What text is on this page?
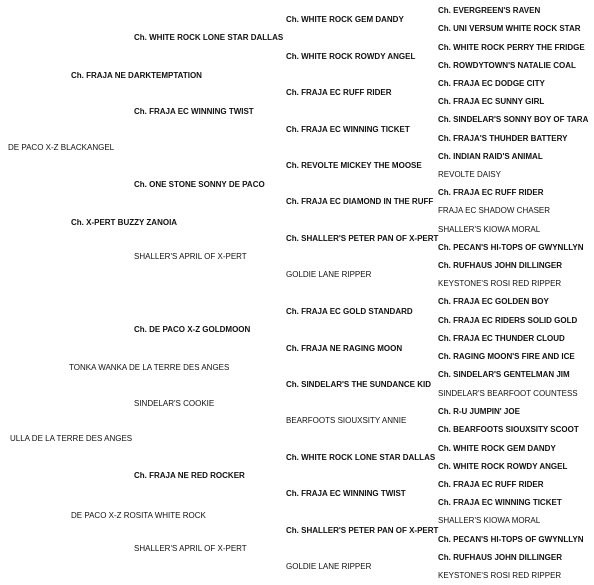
DE PACO X-Z BLACKANGEL
Ch. FRAJA NE DARKTEMPTATION
ULLA DE LA TERRE DES ANGES
Ch. X-PERT BUZZY ZANOIA
TONKA WANKA DE LA TERRE DES ANGES
DE PACO X-Z ROSITA WHITE ROCK
Ch. WHITE ROCK LONE STAR DALLAS
Ch. FRAJA EC WINNING TWIST
Ch. ONE STONE SONNY DE PACO
SHALLER'S APRIL OF X-PERT
Ch. DE PACO X-Z GOLDMOON
SINDELAR'S COOKIE
Ch. FRAJA NE RED ROCKER
SHALLER'S APRIL OF X-PERT
Ch. WHITE ROCK GEM DANDY
Ch. WHITE ROCK ROWDY ANGEL
Ch. FRAJA EC RUFF RIDER
Ch. FRAJA EC WINNING TICKET
Ch. REVOLTE MICKEY THE MOOSE
Ch. FRAJA EC DIAMOND IN THE RUFF
Ch. SHALLER'S PETER PAN OF X-PERT
GOLDIE LANE RIPPER
Ch. FRAJA EC GOLD STANDARD
Ch. FRAJA NE RAGING MOON
Ch. SINDELAR'S THE SUNDANCE KID
BEARFOOTS SIOUXSITY ANNIE
Ch. WHITE ROCK LONE STAR DALLAS
Ch. FRAJA EC WINNING TWIST
Ch. SHALLER'S PETER PAN OF X-PERT
GOLDIE LANE RIPPER
Ch. EVERGREEN'S RAVEN
Ch. UNI VERSUM WHITE ROCK STAR
Ch. WHITE ROCK PERRY THE FRIDGE
Ch. ROWDYTOWN'S NATALIE COAL
Ch. FRAJA EC DODGE CITY
Ch. FRAJA EC SUNNY GIRL
Ch. SINDELAR'S SONNY BOY OF TARA
Ch. FRAJA'S THUHDER BATTERY
Ch. INDIAN RAID'S ANIMAL
REVOLTE DAISY
Ch. FRAJA EC RUFF RIDER
FRAJA EC SHADOW CHASER
SHALLER'S KIOWA MORAL
Ch. PECAN'S HI-TOPS OF GWYNLLYN
Ch. RUFHAUS JOHN DILLINGER
KEYSTONE'S ROSI RED RIPPER
Ch. FRAJA EC GOLDEN BOY
Ch. FRAJA EC RIDERS SOLID GOLD
Ch. FRAJA EC THUNDER CLOUD
Ch. RAGING MOON'S FIRE AND ICE
Ch. SINDELAR'S GENTELMAN JIM
SINDELAR'S BEARFOOT COUNTESS
Ch. R-U JUMPIN' JOE
Ch. BEARFOOTS SIOUXSITY SCOOT
Ch. WHITE ROCK GEM DANDY
Ch. WHITE ROCK ROWDY ANGEL
Ch. FRAJA EC RUFF RIDER
Ch. FRAJA EC WINNING TICKET
SHALLER'S KIOWA MORAL
Ch. PECAN'S HI-TOPS OF GWYNLLYN
Ch. RUFHAUS JOHN DILLINGER
KEYSTONE'S ROSI RED RIPPER
